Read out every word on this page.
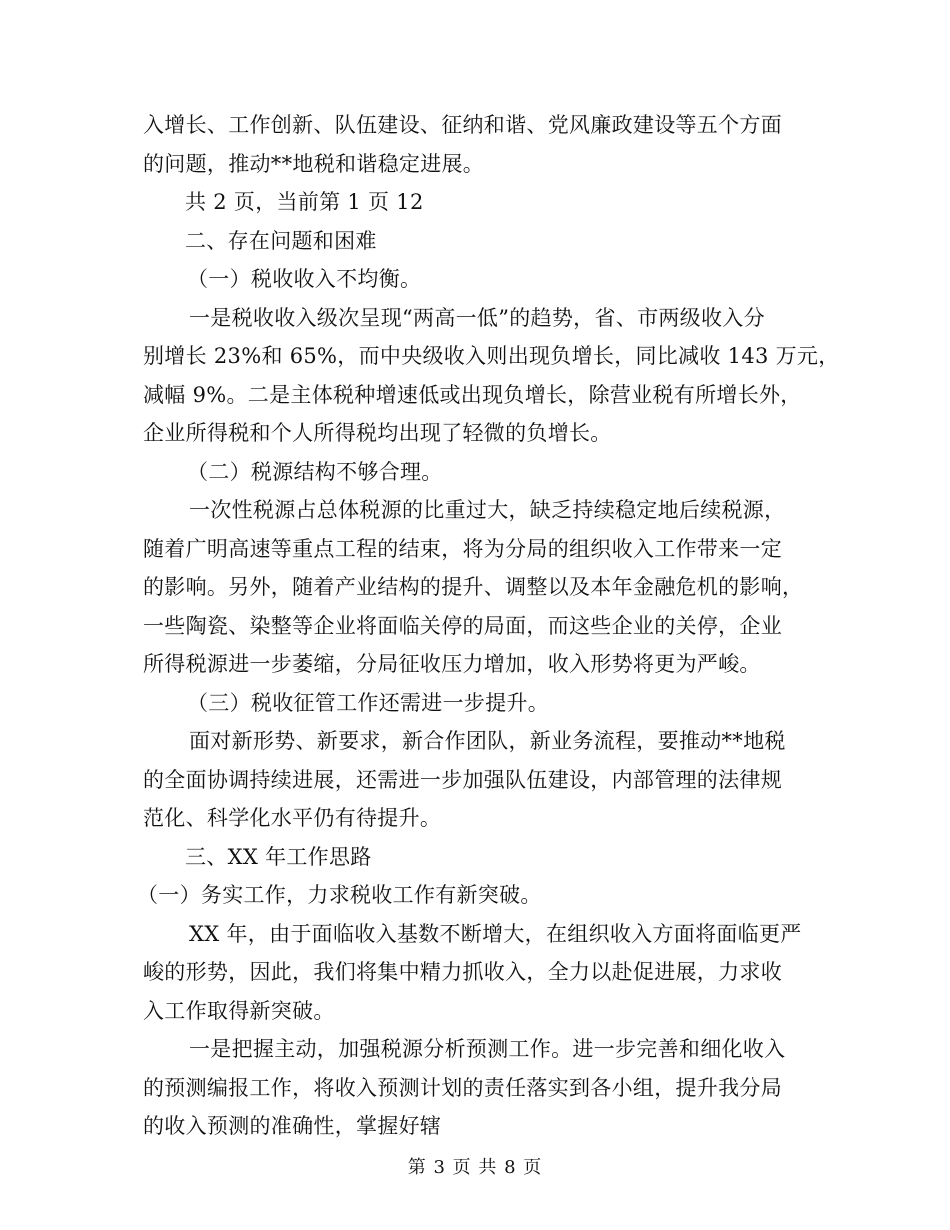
入增长、工作创新、队伍建设、征纳和谐、党风廉政建设等五个方面
的问题，推动**地税和谐稳定进展。
共 2 页，当前第 1 页 12
二、存在问题和困难
（一）税收收入不均衡。
一是税收收入级次呈现“两高一低”的趋势，省、市两级收入分
别增长 23%和 65%，而中央级收入则出现负增长，同比减收 143 万元，
减幅 9%。二是主体税种增速低或出现负增长，除营业税有所增长外，
企业所得税和个人所得税均出现了轻微的负增长。
（二）税源结构不够合理。
一次性税源占总体税源的比重过大，缺乏持续稳定地后续税源，
随着广明高速等重点工程的结束，将为分局的组织收入工作带来一定
的影响。另外，随着产业结构的提升、调整以及本年金融危机的影响，
一些陶瓷、染整等企业将面临关停的局面，而这些企业的关停，企业
所得税源进一步萎缩，分局征收压力增加，收入形势将更为严峻。
（三）税收征管工作还需进一步提升。
面对新形势、新要求，新合作团队，新业务流程，要推动**地税
的全面协调持续进展，还需进一步加强队伍建设，内部管理的法律规
范化、科学化水平仍有待提升。
三、XX 年工作思路
（一）务实工作，力求税收工作有新突破。
XX 年，由于面临收入基数不断增大，在组织收入方面将面临更严
峻的形势，因此，我们将集中精力抓收入，全力以赴促进展，力求收
入工作取得新突破。
一是把握主动，加强税源分析预测工作。进一步完善和细化收入
的预测编报工作，将收入预测计划的责任落实到各小组，提升我分局
的收入预测的准确性，掌握好辖
第 3 页 共 8 页
